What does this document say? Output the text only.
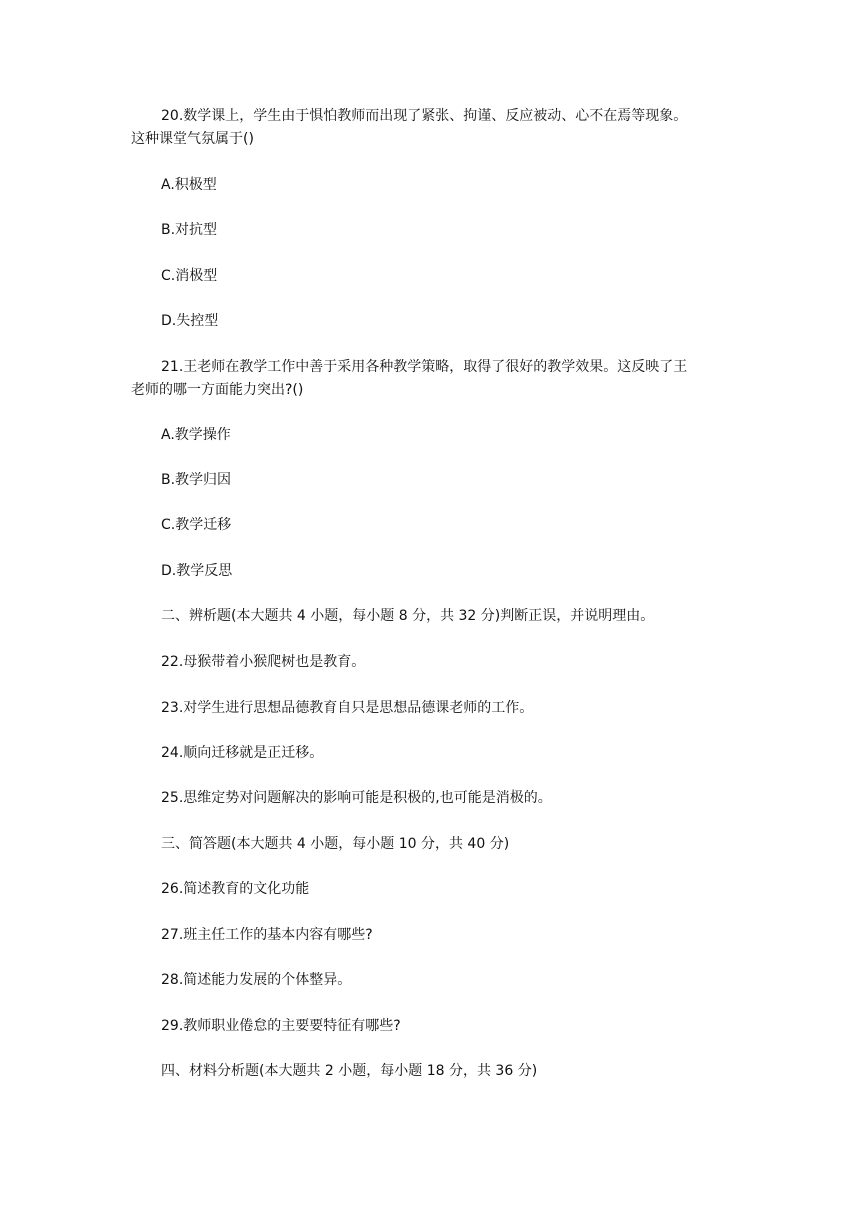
20.数学课上，学生由于惧怕教师而出现了紧张、拘谨、反应被动、心不在焉等现象。
这种课堂气氛属于()
A.积极型
B.对抗型
C.消极型
D.失控型
21.王老师在教学工作中善于采用各种教学策略，取得了很好的教学效果。这反映了王
老师的哪一方面能力突出?()
A.教学操作
B.教学归因
C.教学迁移
D.教学反思
二、辨析题(本大题共 4 小题，每小题 8 分，共 32 分)判断正误，并说明理由。
22.母猴带着小猴爬树也是教育。
23.对学生进行思想品德教育自只是思想品德课老师的工作。
24.顺向迁移就是正迁移。
25.思维定势对问题解决的影响可能是积极的,也可能是消极的。
三、简答题(本大题共 4 小题，每小题 10 分，共 40 分)
26.简述教育的文化功能
27.班主任工作的基本内容有哪些?
28.简述能力发展的个体整异。
29.教师职业倦怠的主要要特征有哪些?
四、材料分析题(本大题共 2 小题，每小题 18 分，共 36 分)
